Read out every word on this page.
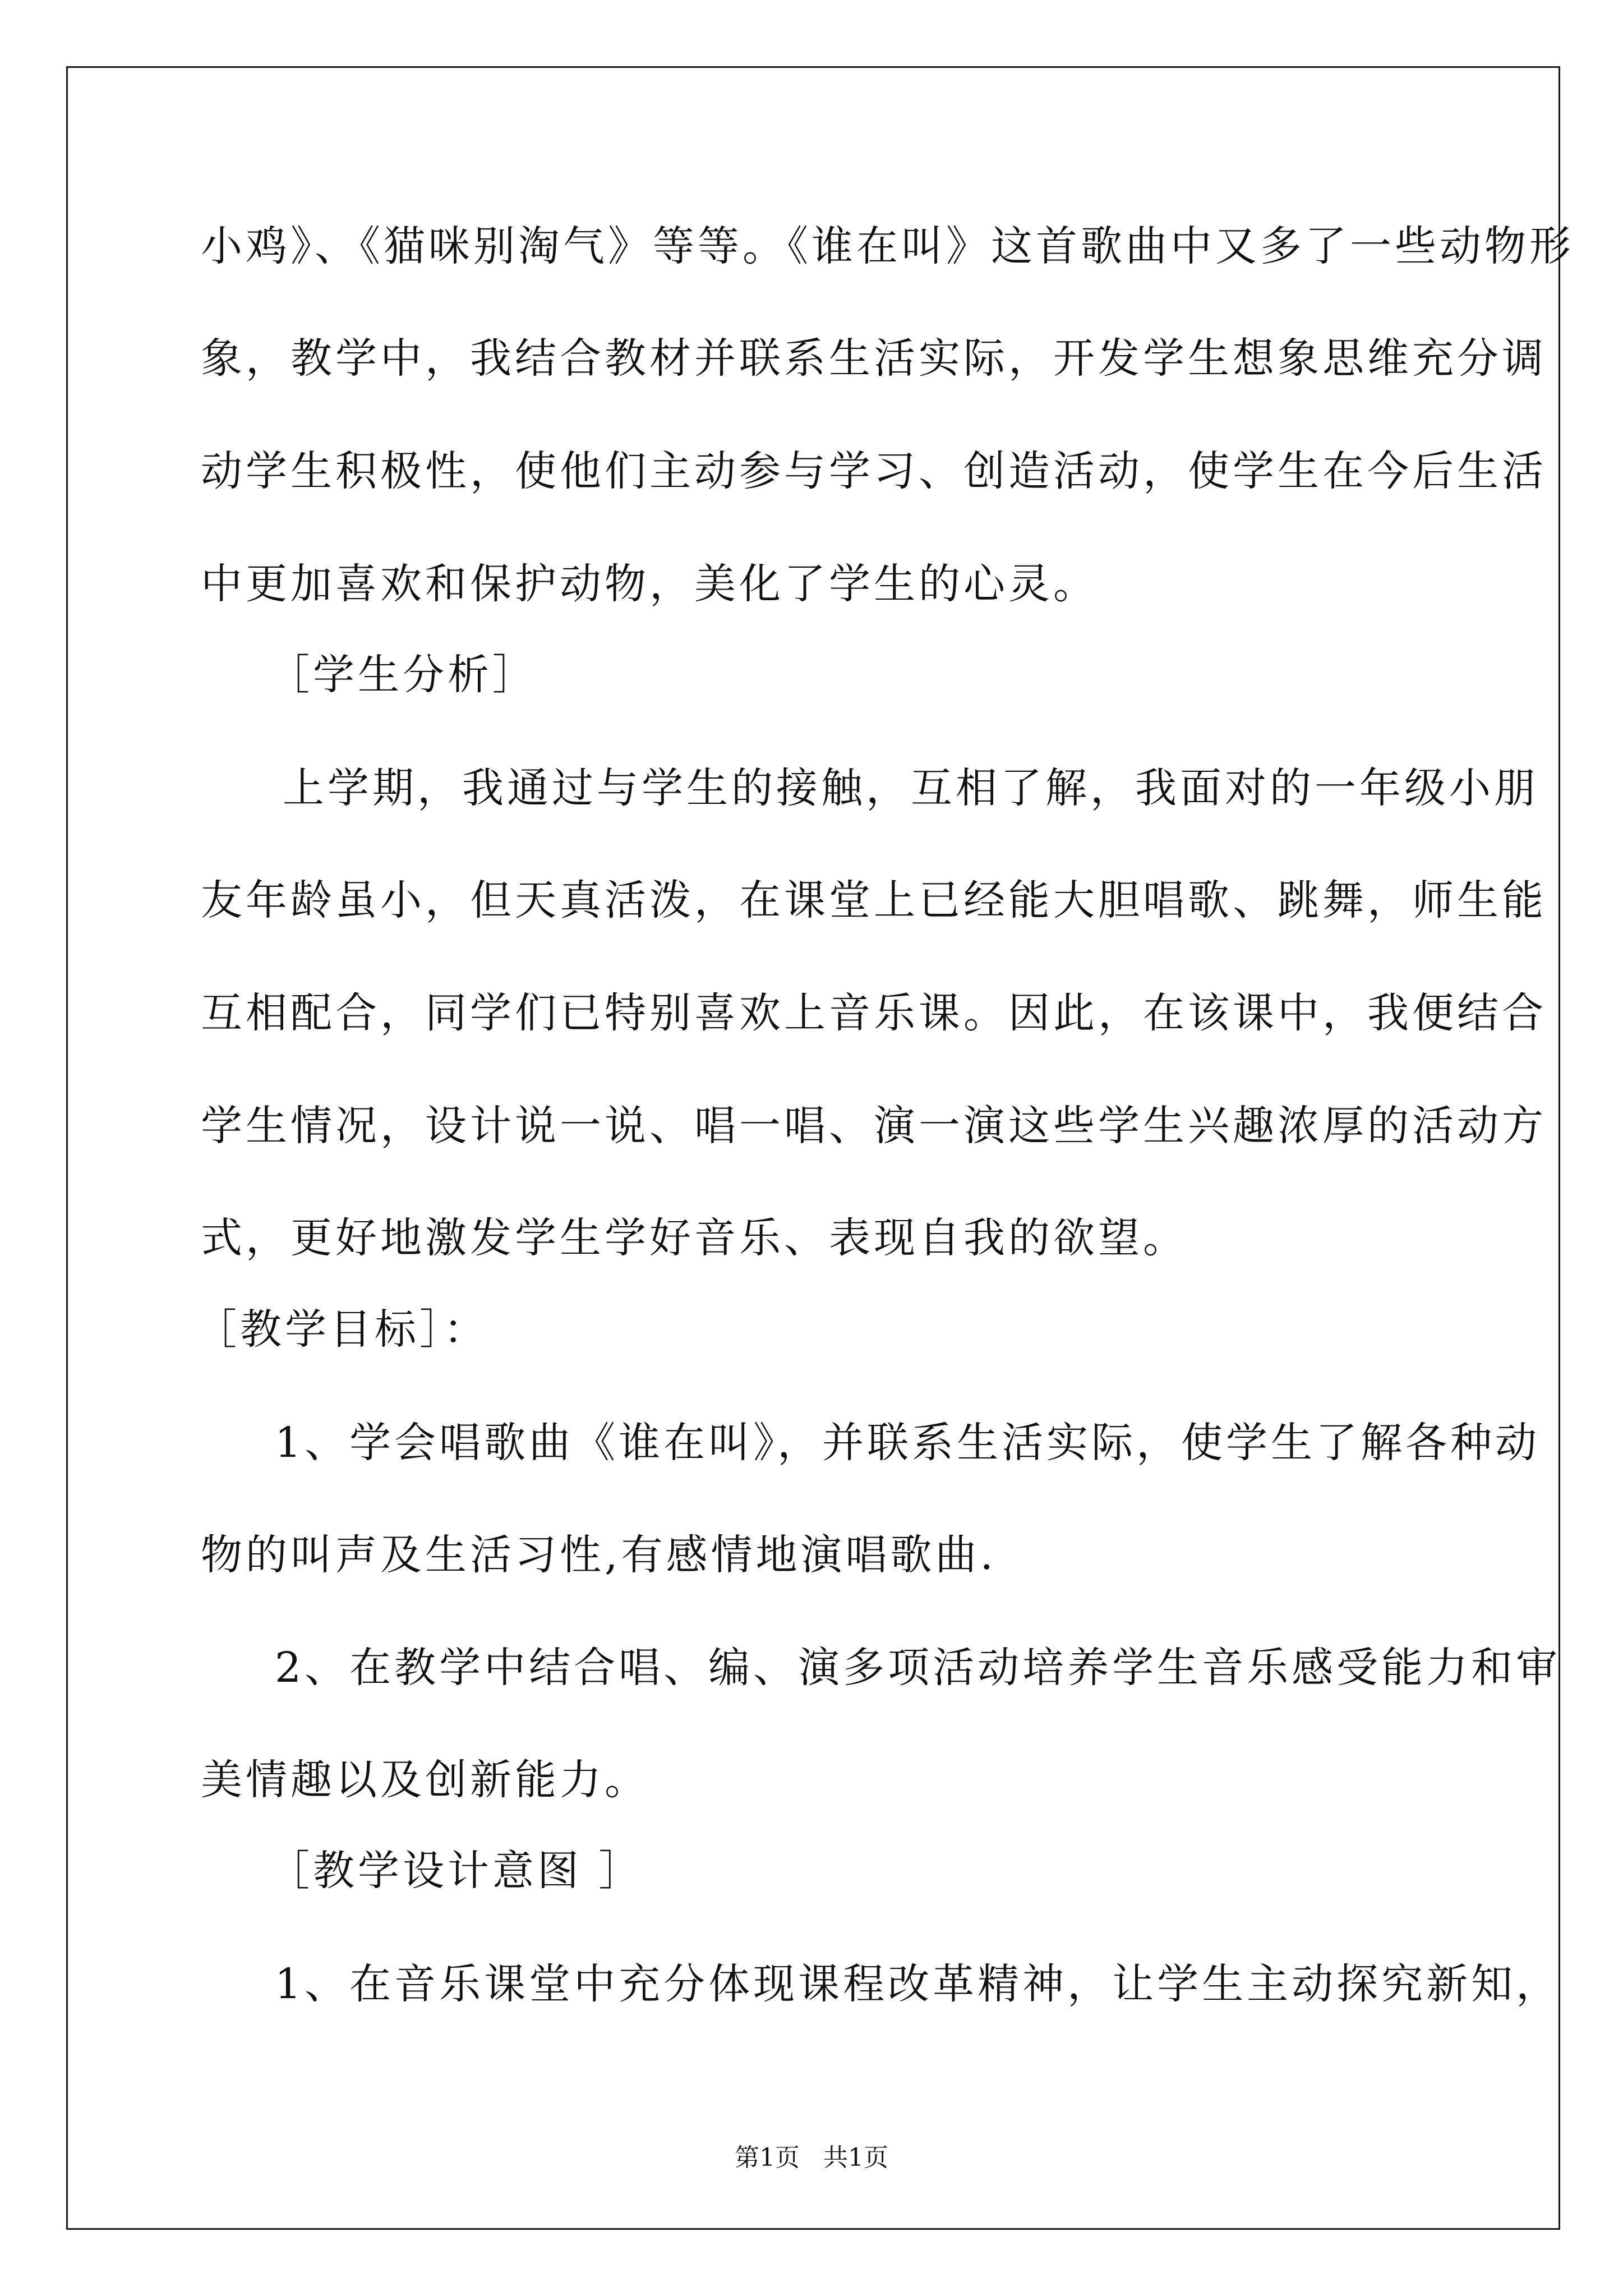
小鸡》、《猫咪别淘气》等等。《谁在叫》这首歌曲中又多了一些动物形
象，教学中，我结合教材并联系生活实际，开发学生想象思维充分调
动学生积极性，使他们主动参与学习、创造活动，使学生在今后生活
中更加喜欢和保护动物，美化了学生的心灵。
［学生分析］
上学期，我通过与学生的接触，互相了解，我面对的一年级小朋
友年龄虽小，但天真活泼，在课堂上已经能大胆唱歌、跳舞，师生能
互相配合，同学们已特别喜欢上音乐课。因此，在该课中，我便结合
学生情况，设计说一说、唱一唱、演一演这些学生兴趣浓厚的活动方
式，更好地激发学生学好音乐、表现自我的欲望。
［教学目标］：
1、学会唱歌曲《谁在叫》，并联系生活实际，使学生了解各种动
物的叫声及生活习性,有感情地演唱歌曲.
2、在教学中结合唱、编、演多项活动培养学生音乐感受能力和审
美情趣以及创新能力。
［教学设计意图 ］
1、在音乐课堂中充分体现课程改革精神，让学生主动探究新知，
第1页 共1页
